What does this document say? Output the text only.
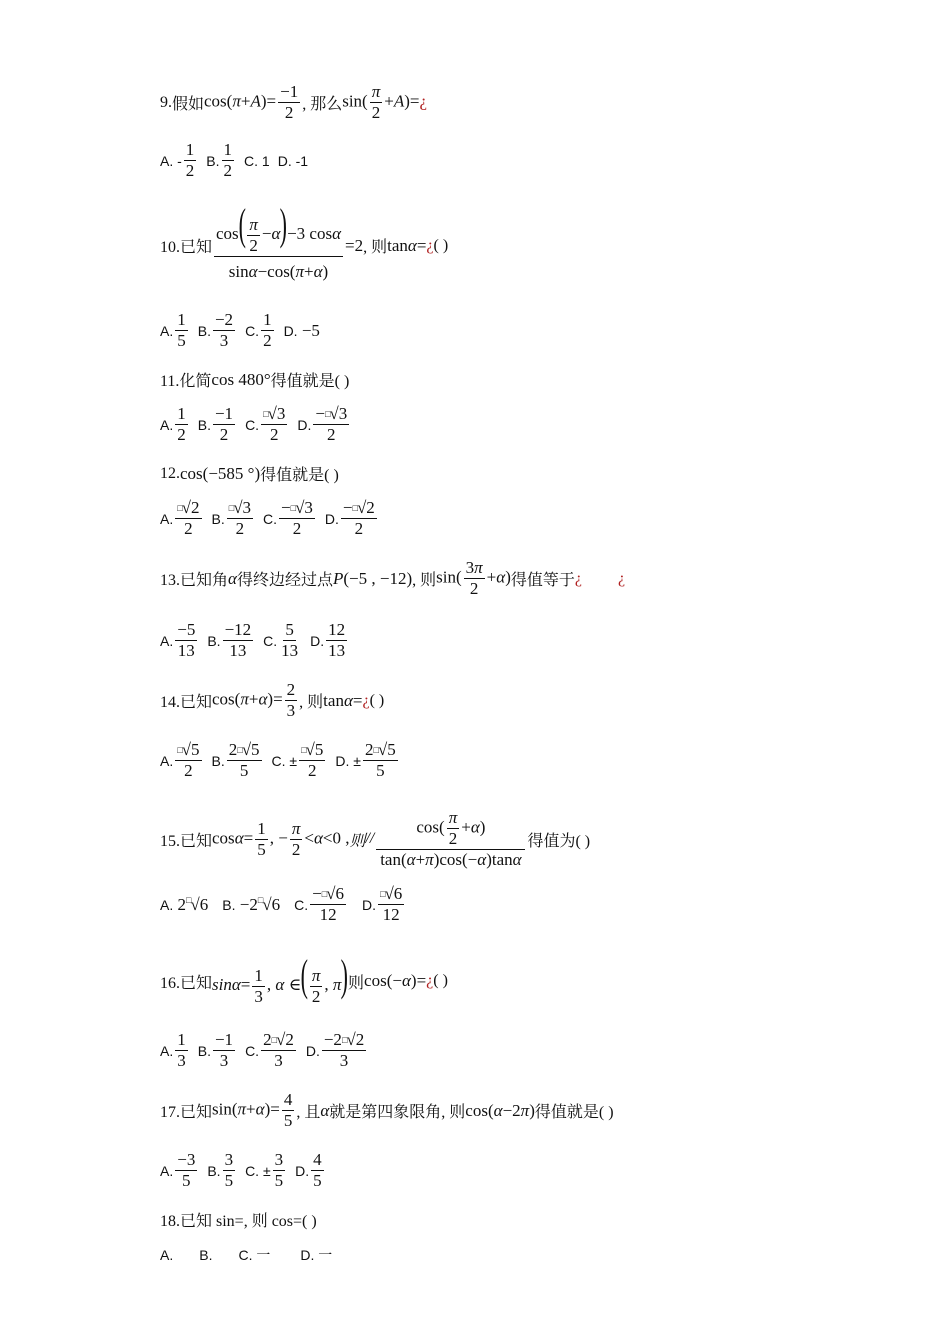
9. 假如 $\cos(\pi+A)= \frac{-1}{2}$ , 那么 $\sin( \frac{\pi}{2}$ +A)=¿
A. -
1
2
B.
1
2
C. 1 D. -1
10.已知 $\frac{\cos( \frac{\pi}{2} -\alpha)-3 \cos\alpha}{\sin\alpha-\cos(\pi+\alpha)} =2$ , 则 tanα= ¿ ( )
A.
1
5
B.
−2
3
C.
1
2
D. −5
11.化简 cos 480° 得值就是( )
A.
1
2
B.
−1
2
C.
□√3
2
D.
−□√3
2
12. cos(−585 °) 得值就是( )
A.
□√2
2
B.
□√3
2
C.
−□√3
2
D.
−□√2
2
13.已知角 α 得终边经过点 P(−5 , −12) , 则 $\sin( \frac{3\pi}{2} +\alpha)$ 得值等于 ¿ ¿
A.
−5
13
B.
−12
13
C.
5
13
D.
12
13
14.已知 $\cos(\pi+\alpha)= \frac{2}{3}$ , 则 tanα= ¿ ( )
A.
□√5
2
B.
2□√5
5
C. ± $\frac{^□√5}{2} D$. ± $\frac{2^□√5}{5}$
15.已知 $\cos\alpha= \frac{1}{5}$ , − $\frac{\pi}{2} <\alpha<0$ , 则 //
$\cos( \frac{\pi}{2} +\alpha)$
tan(α+π)cos(−α)tanα
得值为( )
A. 2□√6 B. −2□√6 C.
−□√6
12
D.
□√6
12
16.已知 $\sin\alpha= \frac{1}{3}$ , α ∈( $\frac{\pi}{2}$ , π) 则 cos(−α)= ¿ ( )
A.
1
3
B.
−1
3
C.
2□√2
3
D.
−2□√2
3
17.已知 $\sin(\pi+\alpha)= \frac{4}{5}$ , 且 α 就是第四象限角, 则 cos(α−2π) 得值就是( )
A.
−3
5
B.
3
5
C. ± $\frac{3}{5} D$.
4
5
18.已知 sin=, 则 cos=( )
A. B. C. 一 D. 一
